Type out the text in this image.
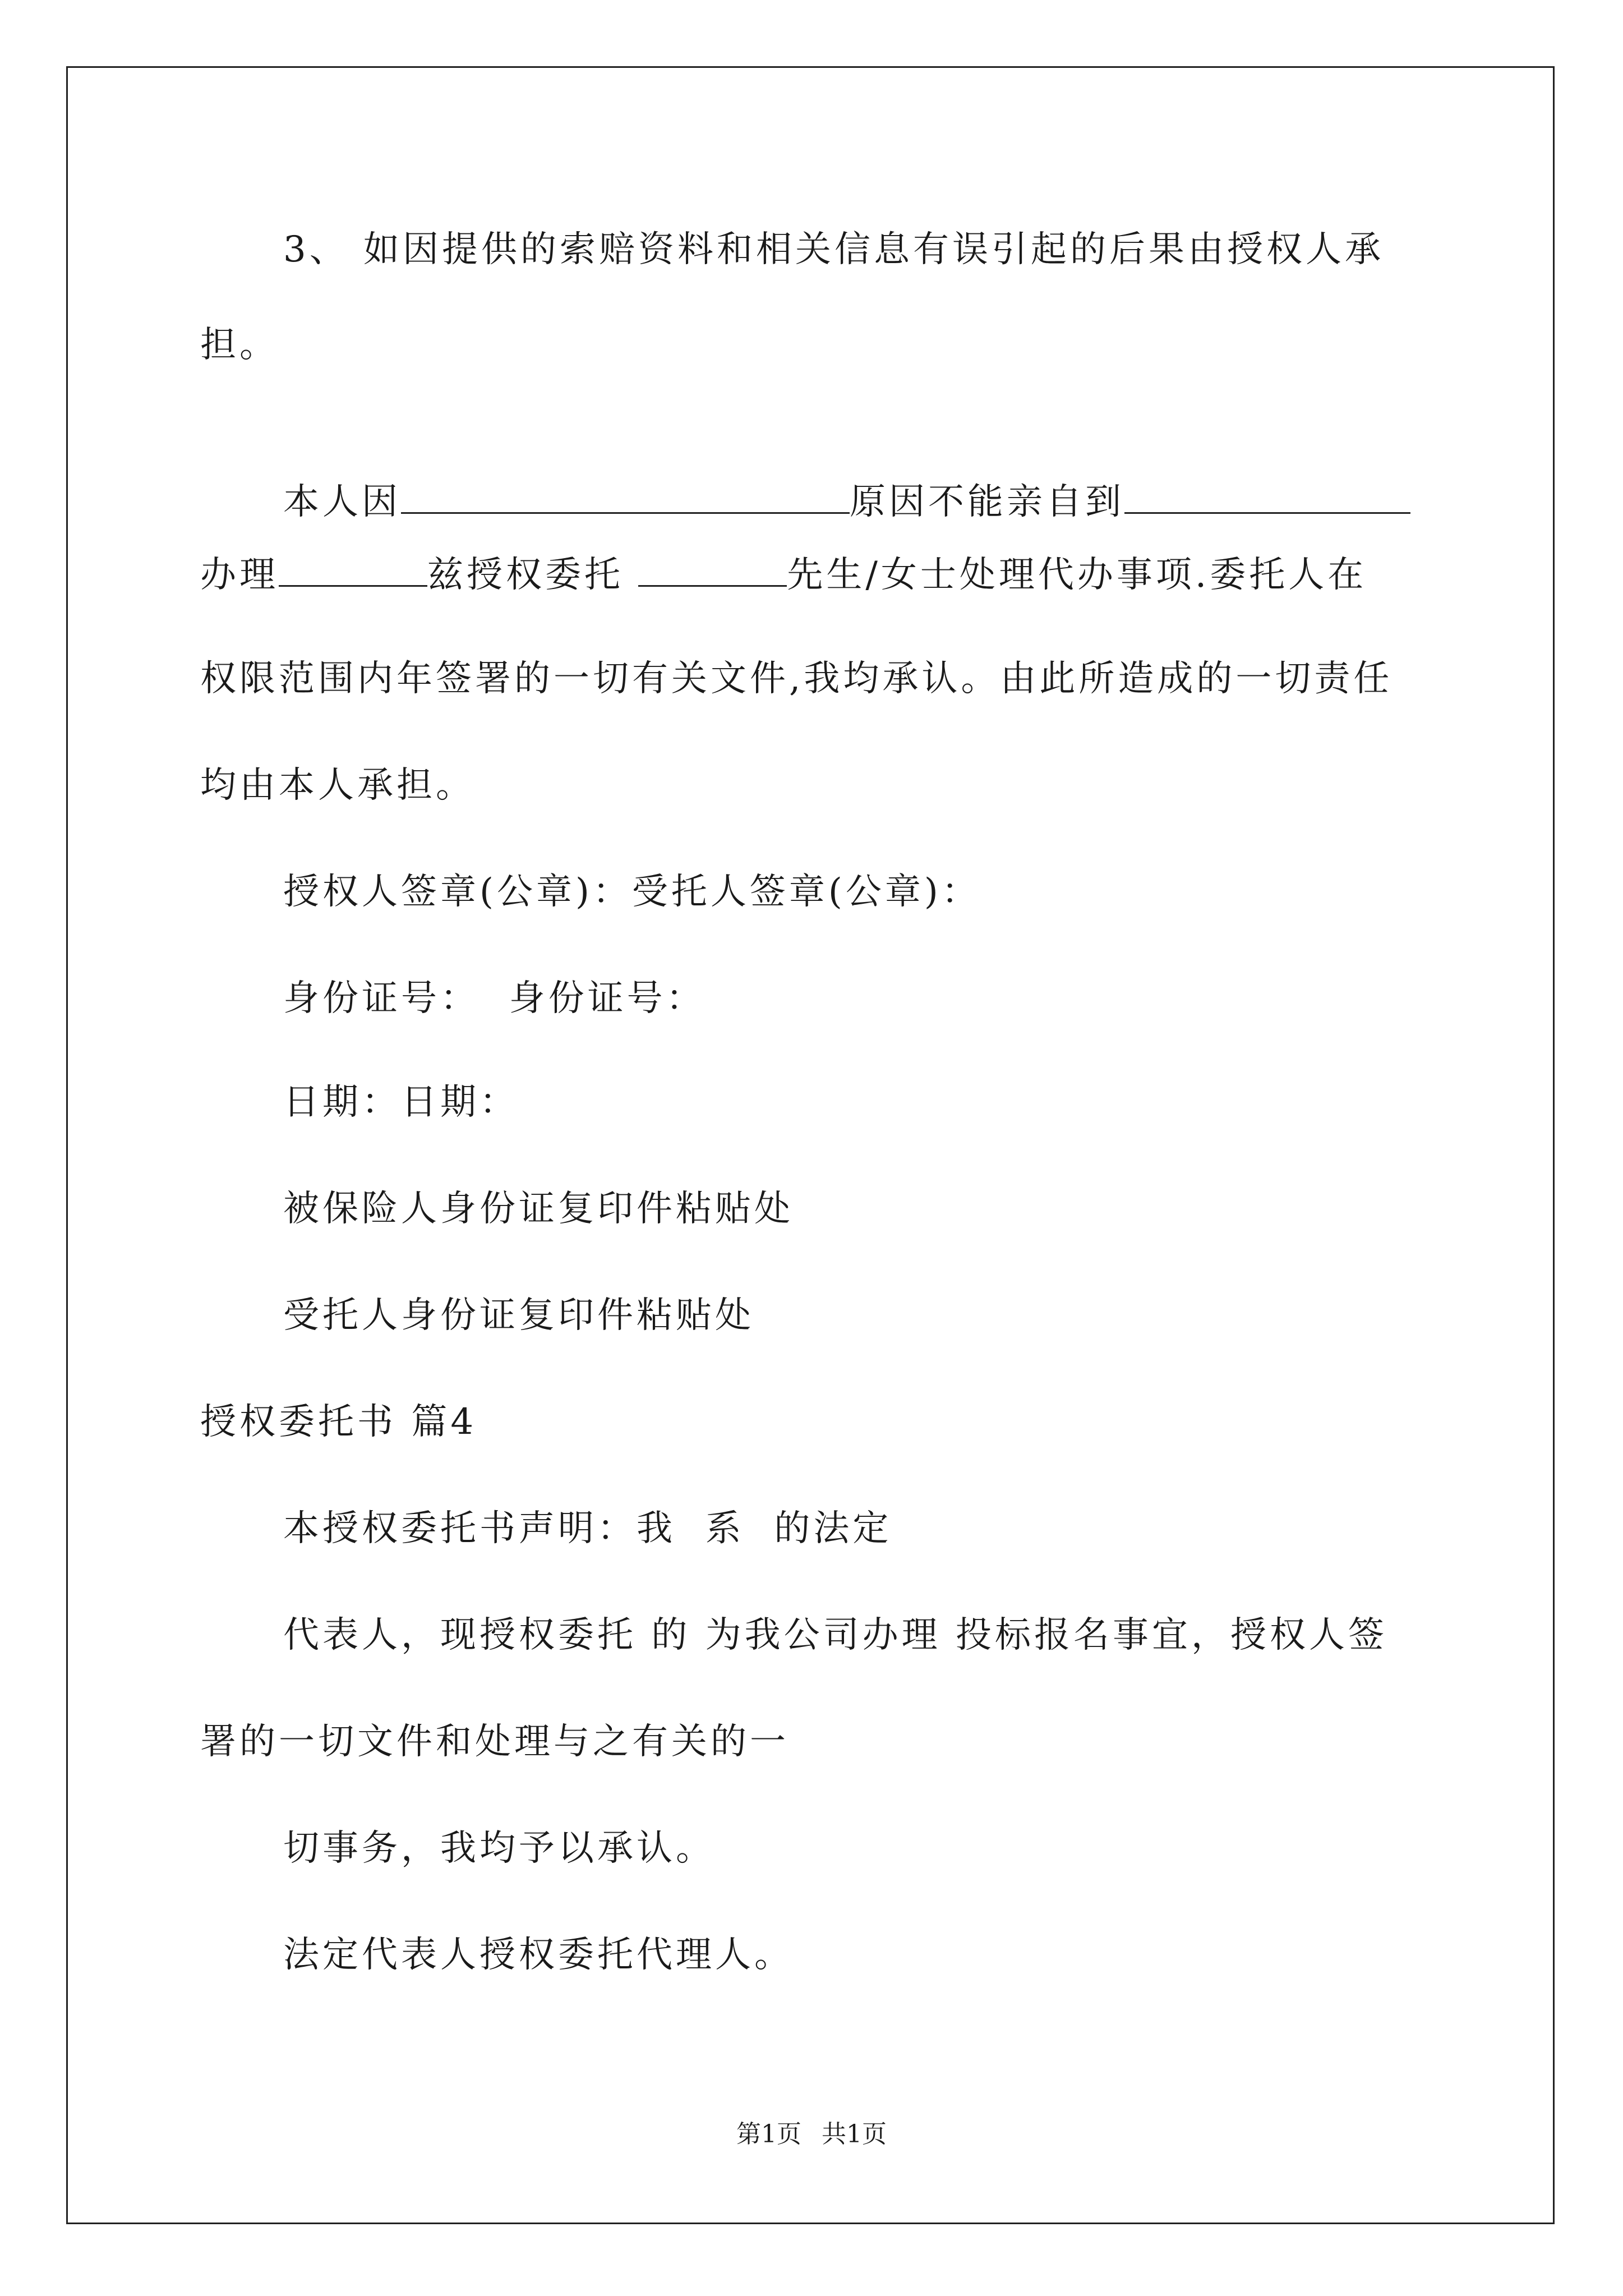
3、 如因提供的索赔资料和相关信息有误引起的后果由授权人承
担。
本人因	原因不能亲自到
办理	兹授权委托	先生/女士处理代办事项.委托人在
权限范围内年签署的一切有关文件,我均承认。由此所造成的一切责任
均由本人承担。
授权人签章(公章)：受托人签章(公章)：
身份证号：  身份证号：
日期：日期：
被保险人身份证复印件粘贴处
受托人身份证复印件粘贴处
授权委托书 篇4
本授权委托书声明：我  系  的法定
代表人，现授权委托 的 为我公司办理 投标报名事宜，授权人签
署的一切文件和处理与之有关的一
切事务，我均予以承认。
法定代表人授权委托代理人。
第1页 共1页
